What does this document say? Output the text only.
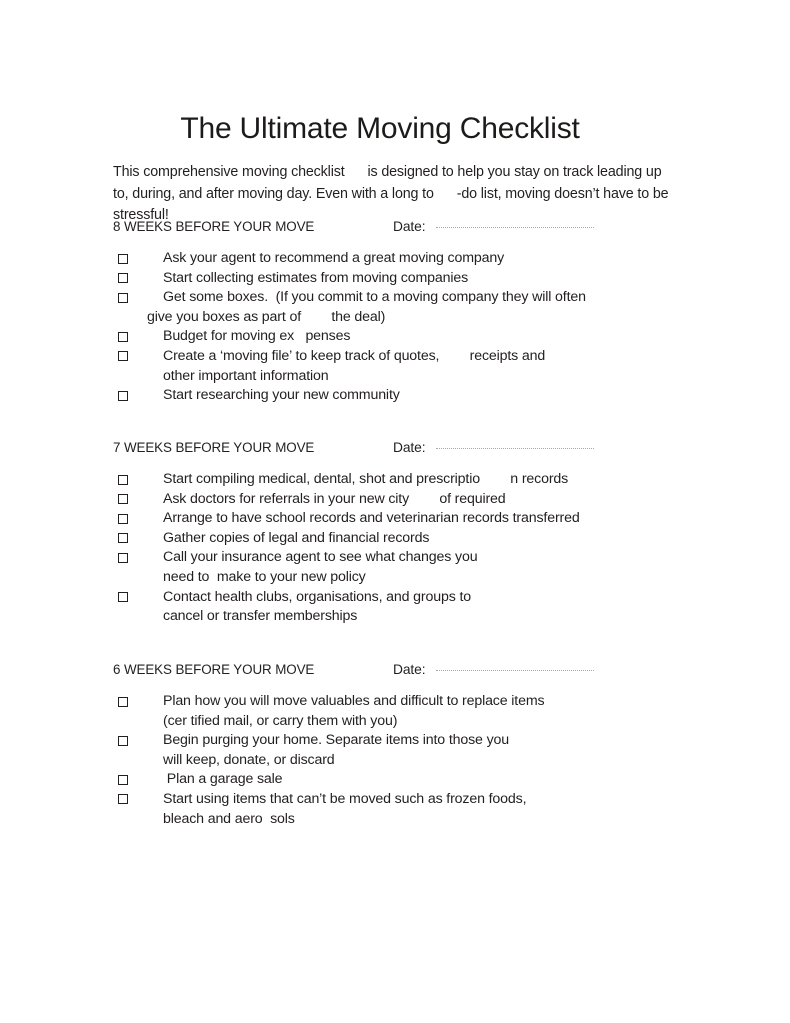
The Ultimate Moving Checklist

This comprehensive moving checklist      is designed to help you stay on track leading up to, during, and after moving day. Even with a long to      -do list, moving doesn’t have to be stressful!

8 WEEKS BEFORE YOUR MOVE	Date:
Ask your agent to recommend a great moving company
Start collecting estimates from moving companies
Get some boxes.  (If you commit to a moving company they will often
give you boxes as part of        the deal)
Budget for moving ex   penses
Create a ‘moving file’ to keep track of quotes,        receipts and
other important information
Start researching your new community
7 WEEKS BEFORE YOUR MOVE	Date:
Start compiling medical, dental, shot and prescriptio        n records
Ask doctors for referrals in your new city        of required
Arrange to have school records and veterinarian records transferred
Gather copies of legal and financial records
Call your insurance agent to see what changes you
need to  make to your new policy
Contact health clubs, organisations, and groups to
cancel or transfer memberships
6 WEEKS BEFORE YOUR MOVE	Date:
Plan how you will move valuables and difficult to replace items
(cer tified mail, or carry them with you)
Begin purging your home. Separate items into those you
will keep, donate, or discard
Plan a garage sale
Start using items that can’t be moved such as frozen foods,
bleach and aero  sols
